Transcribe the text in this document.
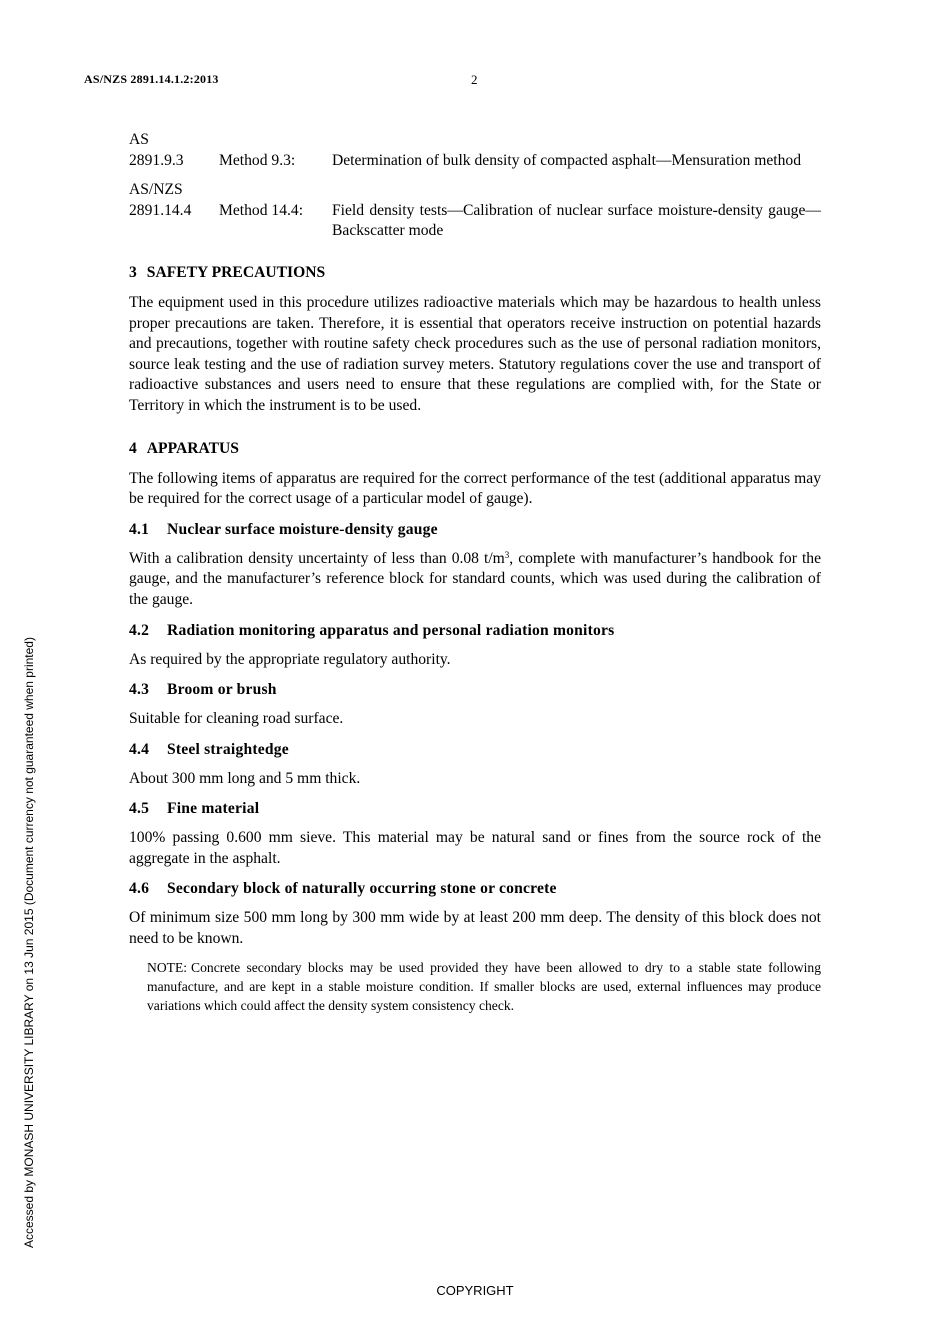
AS/NZS 2891.14.1.2:2013	2
Accessed by MONASH UNIVERSITY LIBRARY on 13 Jun 2015 (Document currency not guaranteed when printed)
AS
2891.9.3	Method 9.3:	Determination of bulk density of compacted asphalt—Mensuration method
AS/NZS
2891.14.4	Method 14.4:	Field density tests—Calibration of nuclear surface moisture-density gauge—Backscatter mode
3 SAFETY PRECAUTIONS

The equipment used in this procedure utilizes radioactive materials which may be hazardous to health unless proper precautions are taken. Therefore, it is essential that operators receive instruction on potential hazards and precautions, together with routine safety check procedures such as the use of personal radiation monitors, source leak testing and the use of radiation survey meters. Statutory regulations cover the use and transport of radioactive substances and users need to ensure that these regulations are complied with, for the State or Territory in which the instrument is to be used.

4 APPARATUS

The following items of apparatus are required for the correct performance of the test (additional apparatus may be required for the correct usage of a particular model of gauge).

4.1 Nuclear surface moisture-density gauge

With a calibration density uncertainty of less than 0.08 $t/m^3$, complete with manufacturer’s handbook for the gauge, and the manufacturer’s reference block for standard counts, which was used during the calibration of the gauge.

4.2 Radiation monitoring apparatus and personal radiation monitors

As required by the appropriate regulatory authority.

4.3 Broom or brush

Suitable for cleaning road surface.

4.4 Steel straightedge

About 300 mm long and 5 mm thick.

4.5 Fine material

100% passing 0.600 mm sieve. This material may be natural sand or fines from the source rock of the aggregate in the asphalt.

4.6 Secondary block of naturally occurring stone or concrete

Of minimum size 500 mm long by 300 mm wide by at least 200 mm deep. The density of this block does not need to be known.

NOTE: Concrete secondary blocks may be used provided they have been allowed to dry to a stable state following manufacture, and are kept in a stable moisture condition. If smaller blocks are used, external influences may produce variations which could affect the density system consistency check.

COPYRIGHT
